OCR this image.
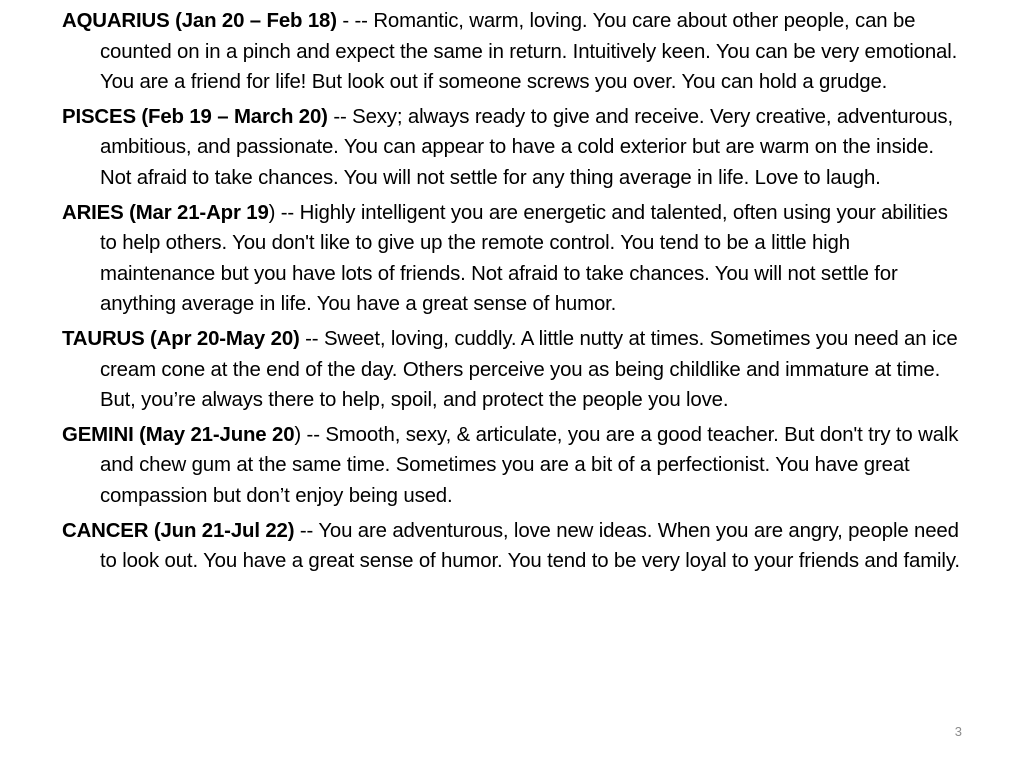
AQUARIUS (Jan 20 – Feb 18) - -- Romantic, warm, loving. You care about other people, can be counted on in a pinch and expect the same in return. Intuitively keen. You can be very emotional. You are a friend for life! But look out if someone screws you over. You can hold a grudge.

PISCES (Feb 19 – March 20) -- Sexy; always ready to give and receive. Very creative, adventurous, ambitious, and passionate. You can appear to have a cold exterior but are warm on the inside. Not afraid to take chances. You will not settle for any thing average in life. Love to laugh.

ARIES (Mar 21-Apr 19) -- Highly intelligent you are energetic and talented, often using your abilities to help others. You don't like to give up the remote control. You tend to be a little high maintenance but you have lots of friends. Not afraid to take chances. You will not settle for anything average in life. You have a great sense of humor.

TAURUS (Apr 20-May 20) -- Sweet, loving, cuddly. A little nutty at times. Sometimes you need an ice cream cone at the end of the day. Others perceive you as being childlike and immature at time. But, you’re always there to help, spoil, and protect the people you love.

GEMINI (May 21-June 20) -- Smooth, sexy, & articulate, you are a good teacher. But don't try to walk and chew gum at the same time. Sometimes you are a bit of a perfectionist. You have great compassion but don’t enjoy being used.

CANCER (Jun 21-Jul 22) -- You are adventurous, love new ideas. When you are angry, people need to look out. You have a great sense of humor. You tend to be very loyal to your friends and family.

3
